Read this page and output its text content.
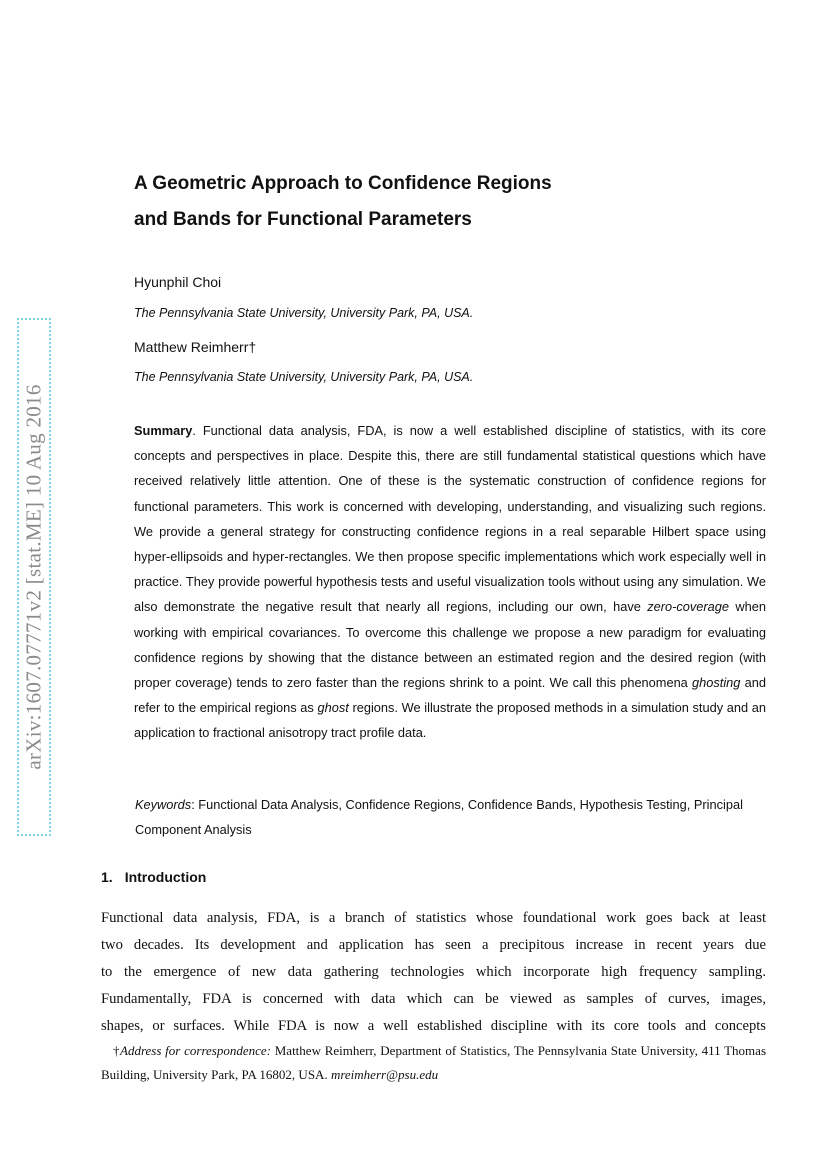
arXiv:1607.07771v2 [stat.ME] 10 Aug 2016
A Geometric Approach to Confidence Regions
and Bands for Functional Parameters
Hyunphil Choi
The Pennsylvania State University, University Park, PA, USA.
Matthew Reimherr†
The Pennsylvania State University, University Park, PA, USA.
Summary. Functional data analysis, FDA, is now a well established discipline of statistics, with its core concepts and perspectives in place. Despite this, there are still fundamental statistical questions which have received relatively little attention. One of these is the systematic construction of confidence regions for functional parameters. This work is concerned with developing, understanding, and visualizing such regions. We provide a general strategy for constructing confidence regions in a real separable Hilbert space using hyper-ellipsoids and hyper-rectangles. We then propose specific implementations which work especially well in practice. They provide powerful hypothesis tests and useful visualization tools without using any simulation. We also demonstrate the negative result that nearly all regions, including our own, have zero-coverage when working with empirical covariances. To overcome this challenge we propose a new paradigm for evaluating confidence regions by showing that the distance between an estimated region and the desired region (with proper coverage) tends to zero faster than the regions shrink to a point. We call this phenomena ghosting and refer to the empirical regions as ghost regions. We illustrate the proposed methods in a simulation study and an application to fractional anisotropy tract profile data.
Keywords: Functional Data Analysis, Confidence Regions, Confidence Bands, Hypothesis Testing, Principal Component Analysis
1. Introduction
Functional data analysis, FDA, is a branch of statistics whose foundational work goes back at least
two decades. Its development and application has seen a precipitous increase in recent years due
to the emergence of new data gathering technologies which incorporate high frequency sampling.
Fundamentally, FDA is concerned with data which can be viewed as samples of curves, images,
shapes, or surfaces. While FDA is now a well established discipline with its core tools and concepts
†Address for correspondence: Matthew Reimherr, Department of Statistics, The Pennsylvania State University, 411 Thomas Building, University Park, PA 16802, USA. mreimherr@psu.edu
